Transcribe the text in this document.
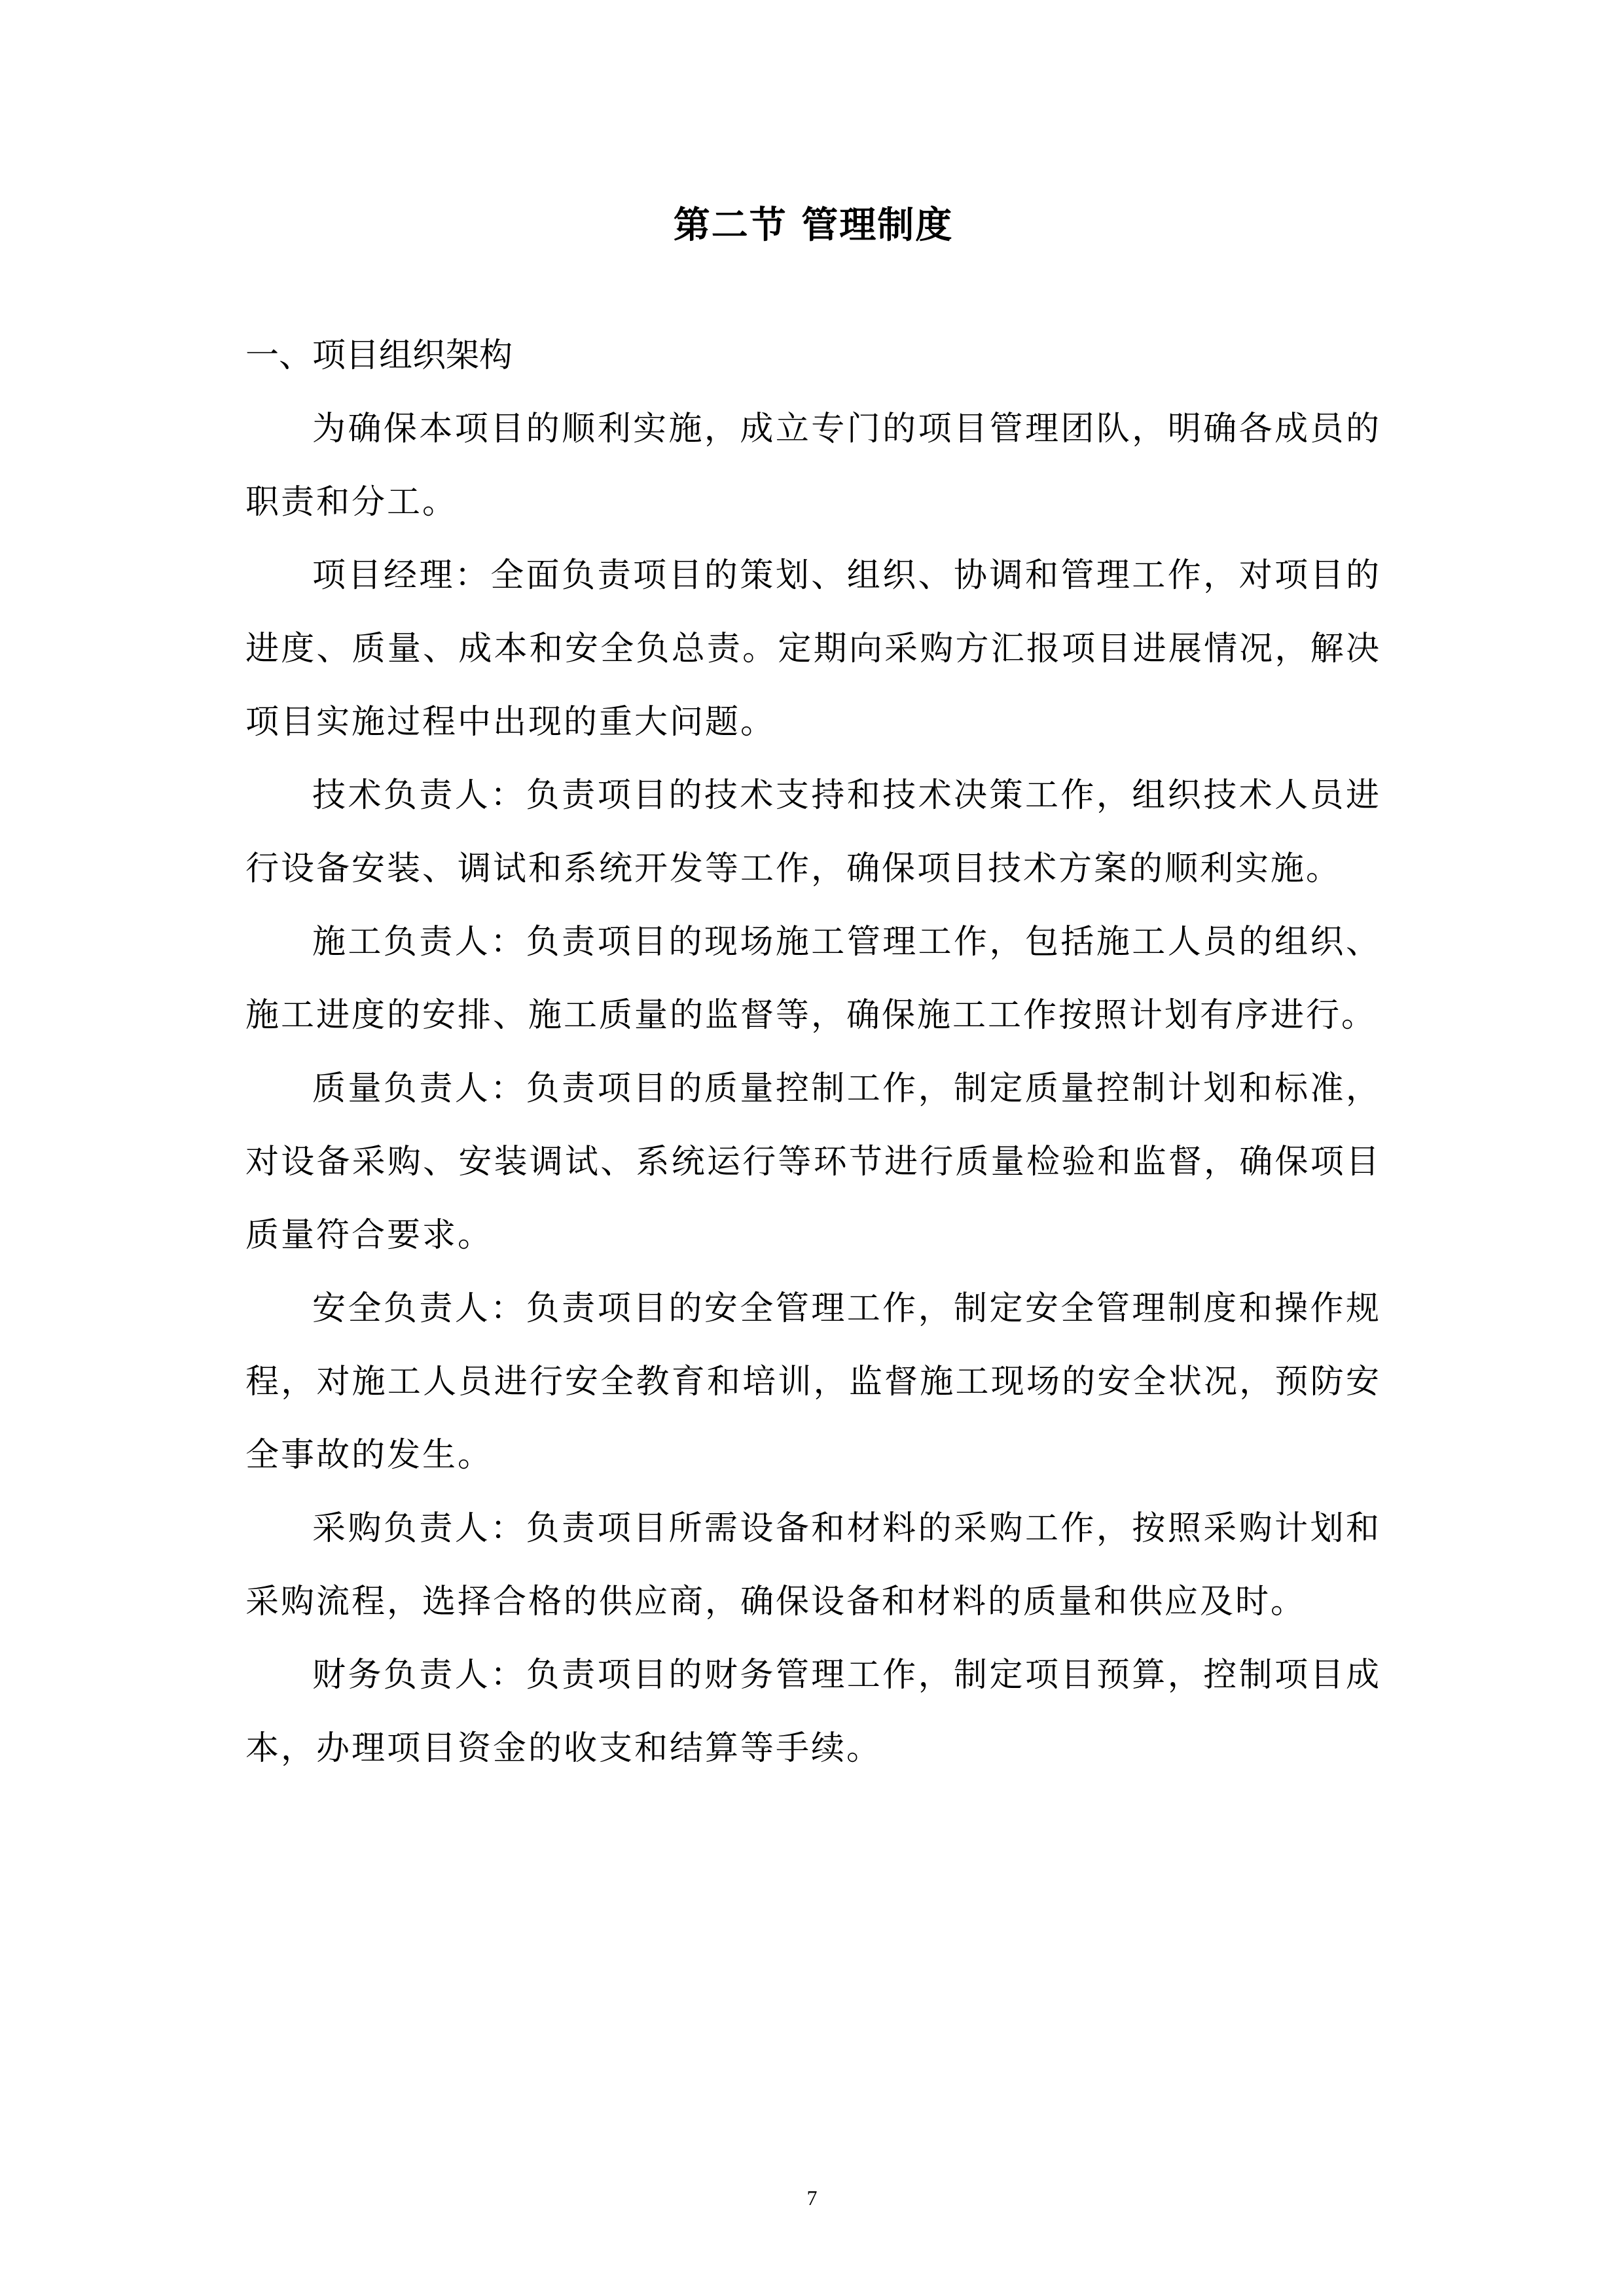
第二节 管理制度

一、项目组织架构

为确保本项目的顺利实施，成立专门的项目管理团队，明确各成员的职责和分工。

项目经理：全面负责项目的策划、组织、协调和管理工作，对项目的进度、质量、成本和安全负总责。定期向采购方汇报项目进展情况，解决项目实施过程中出现的重大问题。

技术负责人：负责项目的技术支持和技术决策工作，组织技术人员进行设备安装、调试和系统开发等工作，确保项目技术方案的顺利实施。

施工负责人：负责项目的现场施工管理工作，包括施工人员的组织、施工进度的安排、施工质量的监督等，确保施工工作按照计划有序进行。

质量负责人：负责项目的质量控制工作，制定质量控制计划和标准，对设备采购、安装调试、系统运行等环节进行质量检验和监督，确保项目质量符合要求。

安全负责人：负责项目的安全管理工作，制定安全管理制度和操作规程，对施工人员进行安全教育和培训，监督施工现场的安全状况，预防安全事故的发生。

采购负责人：负责项目所需设备和材料的采购工作，按照采购计划和采购流程，选择合格的供应商，确保设备和材料的质量和供应及时。

财务负责人：负责项目的财务管理工作，制定项目预算，控制项目成本，办理项目资金的收支和结算等手续。

7
